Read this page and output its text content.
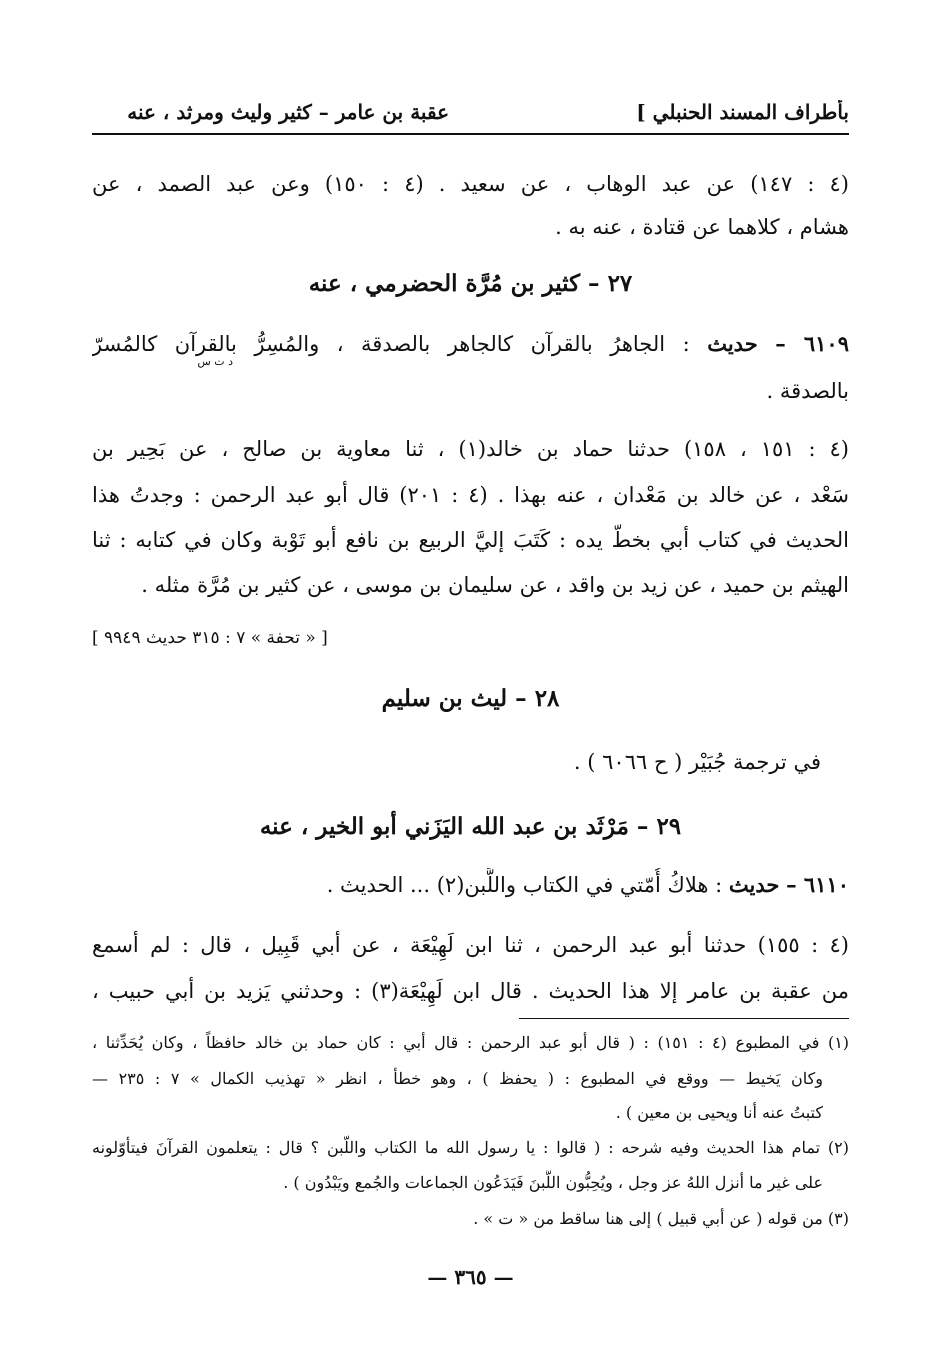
بأطراف المسند الحنبلي ]
عقبة بن عامر – كثير وليث ومرثد ، عنه
(٤ : ١٤٧) عن عبد الوهاب ، عن سعيد . (٤ : ١٥٠) وعن عبد الصمد ، عن
هشام ، كلاهما عن قتادة ، عنه به .
٢٧ – كثير بن مُرَّة الحضرمي ، عنه
٦١٠٩ – حديث : الجاهرُ بالقرآن كالجاهر بالصدقة ، والمُسِرُّ بالقرآن كالمُسرّ
د ت س
بالصدقة .
(٤ : ١٥١ ، ١٥٨) حدثنا حماد بن خالد(١) ، ثنا معاوية بن صالح ، عن بَحِير بن
سَعْد ، عن خالد بن مَعْدان ، عنه بهذا . (٤ : ٢٠١) قال أبو عبد الرحمن : وجدتُ هذا
الحديث في كتاب أبي بخطّ يده : كَتَبَ إليَّ الربيع بن نافع أبو تَوْبة وكان في كتابه : ثنا
الهيثم بن حميد ، عن زيد بن واقد ، عن سليمان بن موسى ، عن كثير بن مُرَّة مثله .
[ « تحفة » ٧ : ٣١٥ حديث ٩٩٤٩ ]
٢٨ – ليث بن سليم
في ترجمة جُبَيْر ( ح ٦٠٦٦ ) .
٢٩ – مَرْثَد بن عبد الله اليَزَني أبو الخير ، عنه
٦١١٠ – حديث : هلاكُ أُمّتي في الكتاب واللَّبن(٢) ... الحديث .
(٤ : ١٥٥) حدثنا أبو عبد الرحمن ، ثنا ابن لَهِيْعَة ، عن أبي قَبِيل ، قال : لم أسمع
من عقبة بن عامر إلا هذا الحديث . قال ابن لَهِيْعَة(٣) : وحدثني يَزيد بن أبي حبيب ،
(١) في المطبوع (٤ : ١٥١) : ( قال أبو عبد الرحمن : قال أبي : كان حماد بن خالد حافظاً ، وكان يُحَدِّثنا ،
وكان يَخيط — ووقع في المطبوع : ( يحفظ ) ، وهو خطأ ، انظر « تهذيب الكمال » ٧ : ٢٣٥ —
كتبتُ عنه أنا ويحيى بن معين ) .
(٢) تمام هذا الحديث وفيه شرحه : ( قالوا : يا رسول الله ما الكتاب واللّبن ؟ قال : يتعلمون القرآنَ فيتأوّلونه
على غير ما أنزل اللهُ عز وجل ، ويُحِبُّون اللَّبنَ فَيَدَعُون الجماعات والجُمع ويَبْدُون ) .
(٣) من قوله ( عن أبي قبيل ) إلى هنا ساقط من « ت » .
— ٣٦٥ —
